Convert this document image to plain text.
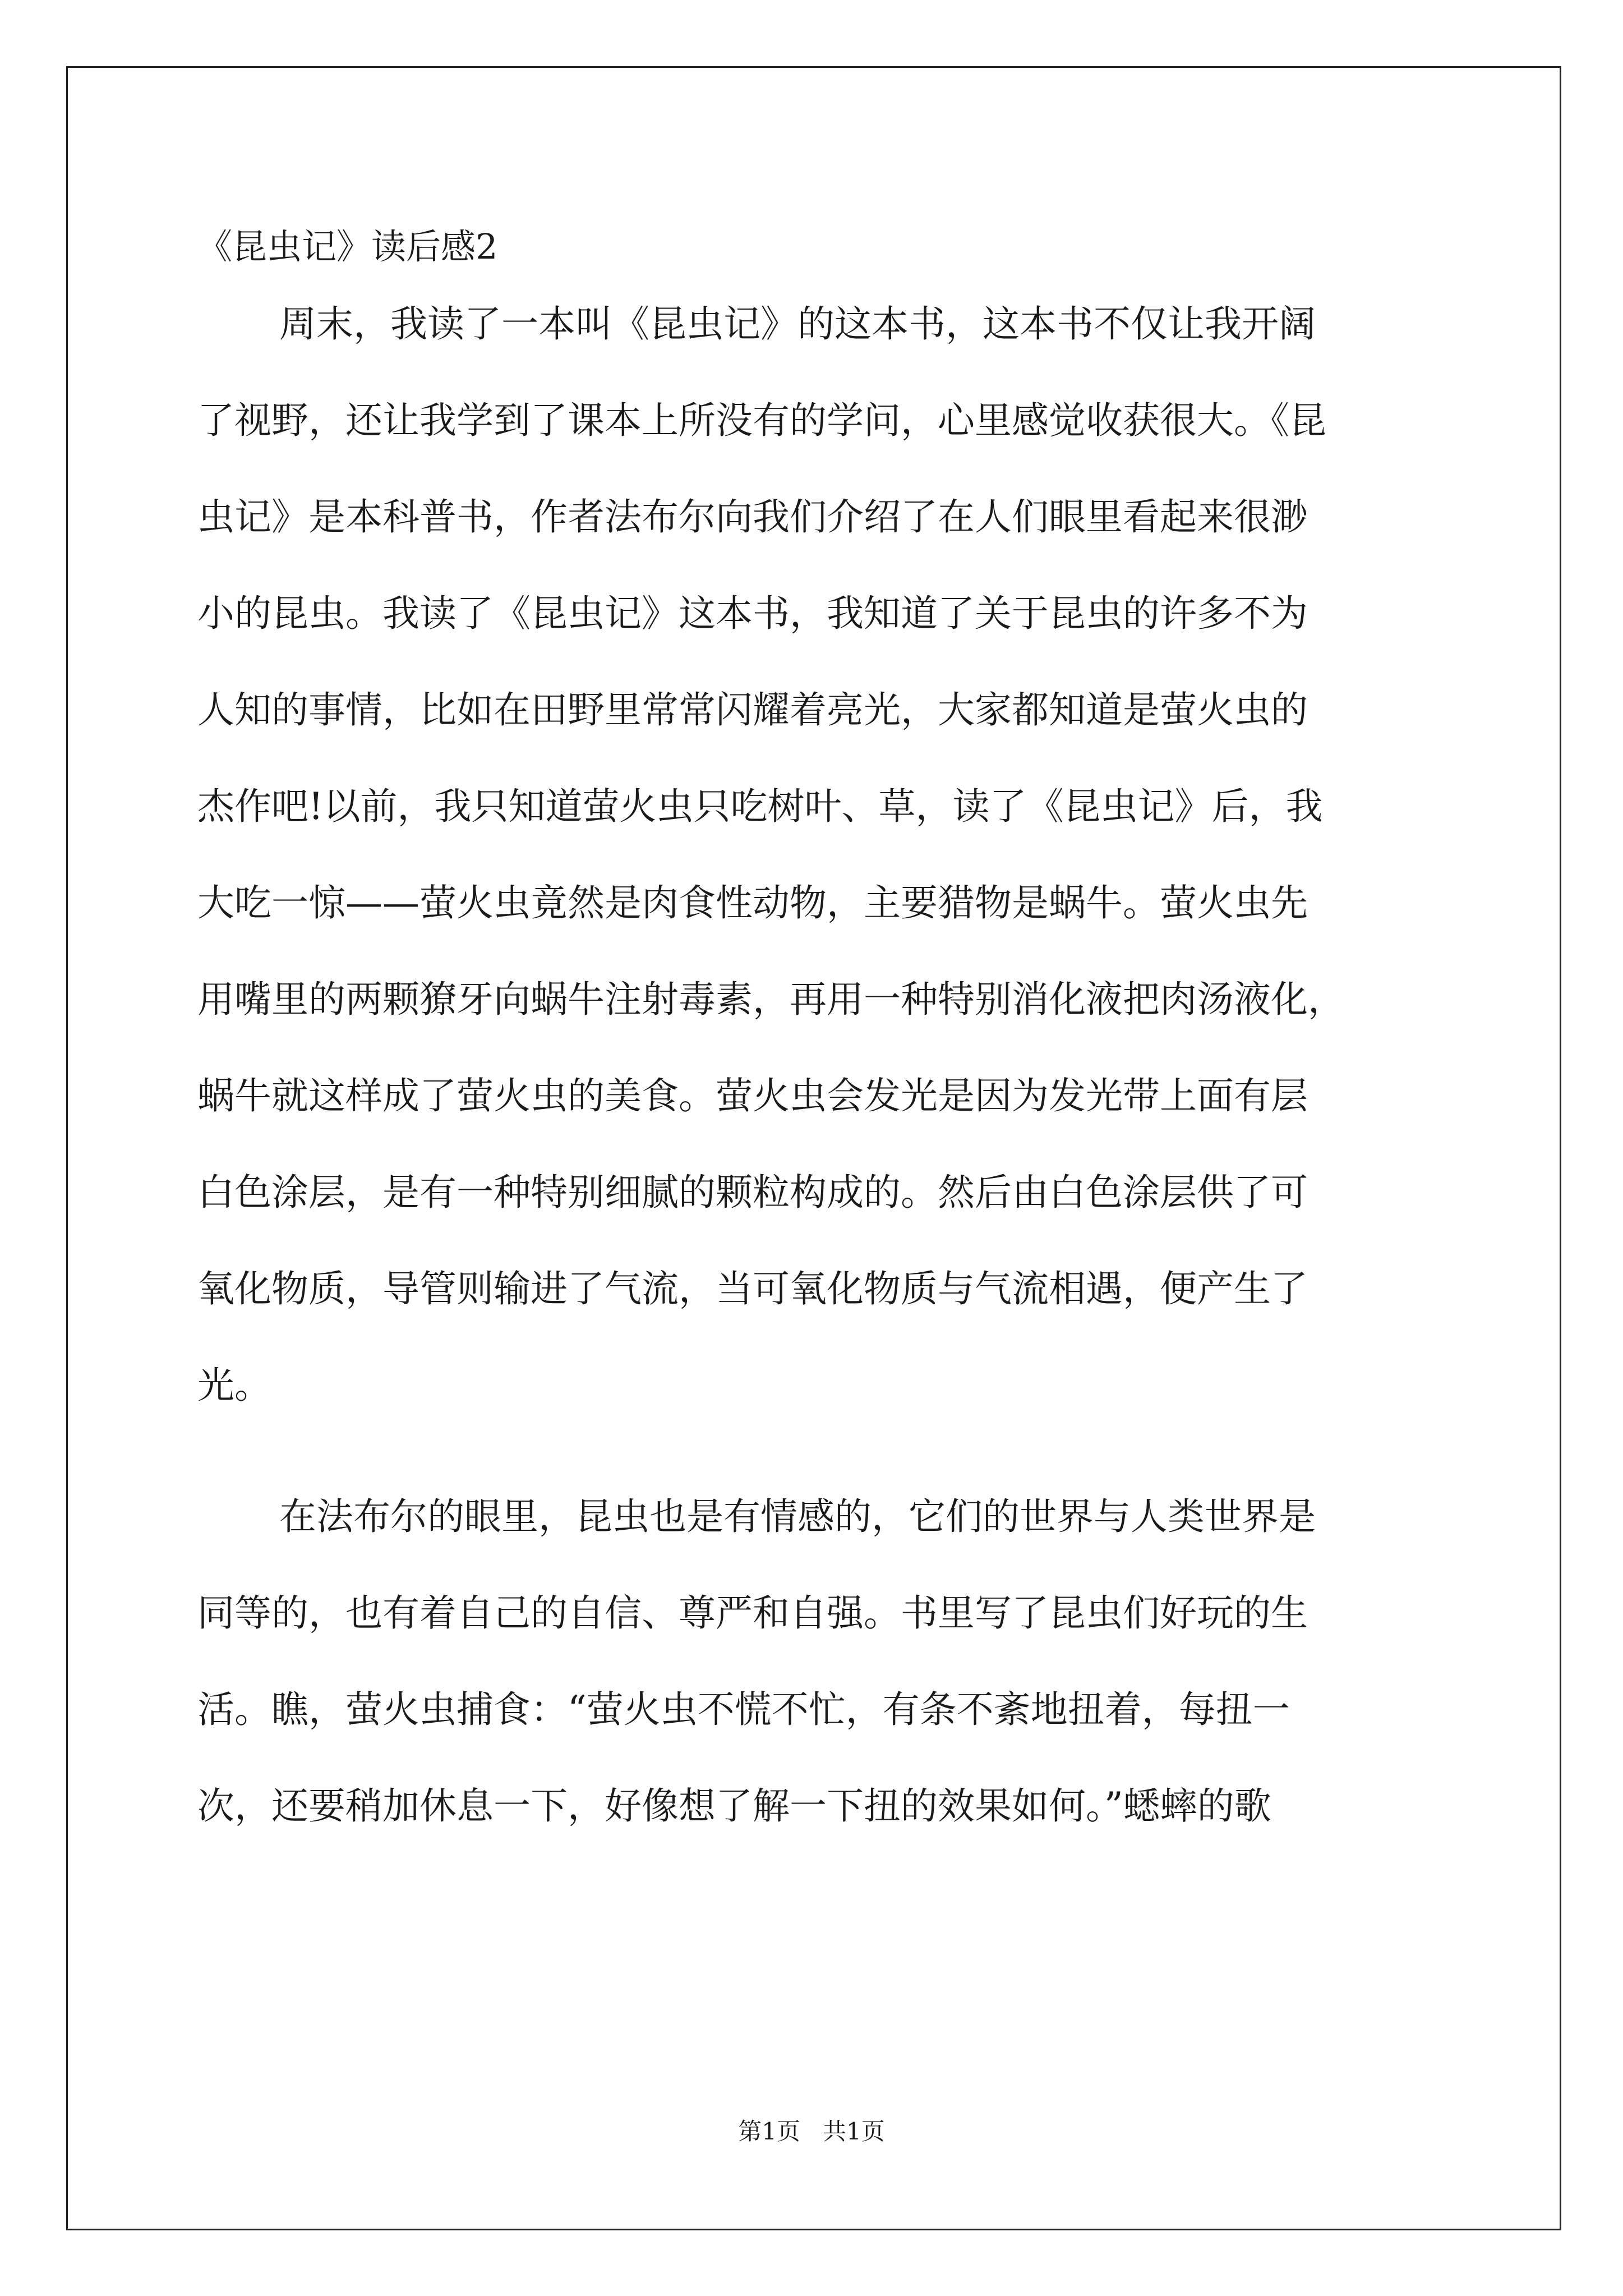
《昆虫记》读后感2
周末，我读了一本叫《昆虫记》的这本书，这本书不仅让我开阔
了视野，还让我学到了课本上所没有的学问，心里感觉收获很大。《昆
虫记》是本科普书，作者法布尔向我们介绍了在人们眼里看起来很渺
小的昆虫。我读了《昆虫记》这本书，我知道了关于昆虫的许多不为
人知的事情，比如在田野里常常闪耀着亮光，大家都知道是萤火虫的
杰作吧!以前，我只知道萤火虫只吃树叶、草，读了《昆虫记》后，我
大吃一惊——萤火虫竟然是肉食性动物，主要猎物是蜗牛。萤火虫先
用嘴里的两颗獠牙向蜗牛注射毒素，再用一种特别消化液把肉汤液化，
蜗牛就这样成了萤火虫的美食。萤火虫会发光是因为发光带上面有层
白色涂层，是有一种特别细腻的颗粒构成的。然后由白色涂层供了可
氧化物质，导管则输进了气流，当可氧化物质与气流相遇，便产生了
光。
在法布尔的眼里，昆虫也是有情感的，它们的世界与人类世界是
同等的，也有着自己的自信、尊严和自强。书里写了昆虫们好玩的生
活。瞧，萤火虫捕食：“萤火虫不慌不忙，有条不紊地扭着，每扭一
次，还要稍加休息一下，好像想了解一下扭的效果如何。”蟋蟀的歌
第1页 共1页
